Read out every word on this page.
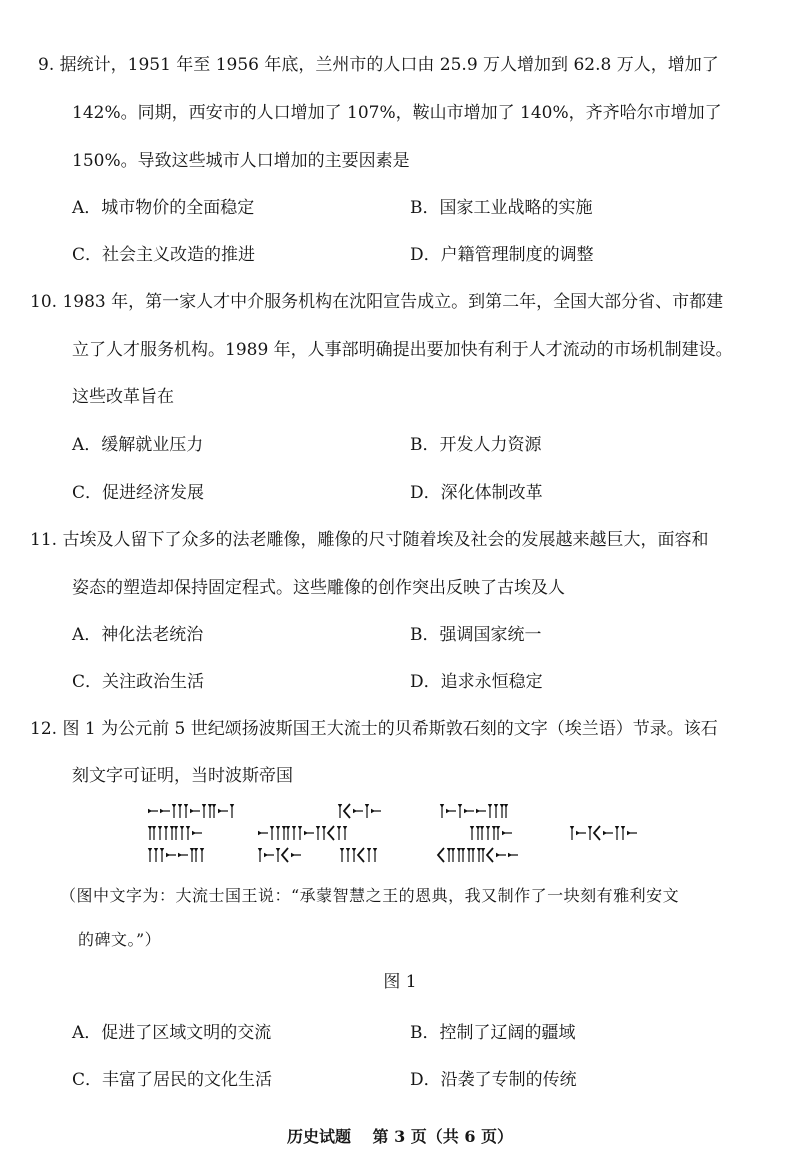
9. 据统计，1951 年至 1956 年底，兰州市的人口由 25.9 万人增加到 62.8 万人，增加了
142%。同期，西安市的人口增加了 107%，鞍山市增加了 140%，齐齐哈尔市增加了
150%。导致这些城市人口增加的主要因素是
A．城市物价的全面稳定	B．国家工业战略的实施
C．社会主义改造的推进	D．户籍管理制度的调整
10. 1983 年，第一家人才中介服务机构在沈阳宣告成立。到第二年，全国大部分省、市都建
立了人才服务机构。1989 年，人事部明确提出要加快有利于人才流动的市场机制建设。
这些改革旨在
A．缓解就业压力	B．开发人力资源
C．促进经济发展	D．深化体制改革
11. 古埃及人留下了众多的法老雕像，雕像的尺寸随着埃及社会的发展越来越巨大，面容和
姿态的塑造却保持固定程式。这些雕像的创作突出反映了古埃及人
A．神化法老统治	B．强调国家统一
C．关注政治生活	D．追求永恒稳定
12. 图 1 为公元前 5 世纪颂扬波斯国王大流士的贝希斯敦石刻的文字（埃兰语）节录。该石
刻文字可证明，当时波斯帝国
（图中文字为：大流士国王说：“承蒙智慧之王的恩典，我又制作了一块刻有雅利安文
的碑文。”）
图 1
A．促进了区域文明的交流	B．控制了辽阔的疆域
C．丰富了居民的文化生活	D．沿袭了专制的传统
历史试题　 第 3 页（共 6 页）
